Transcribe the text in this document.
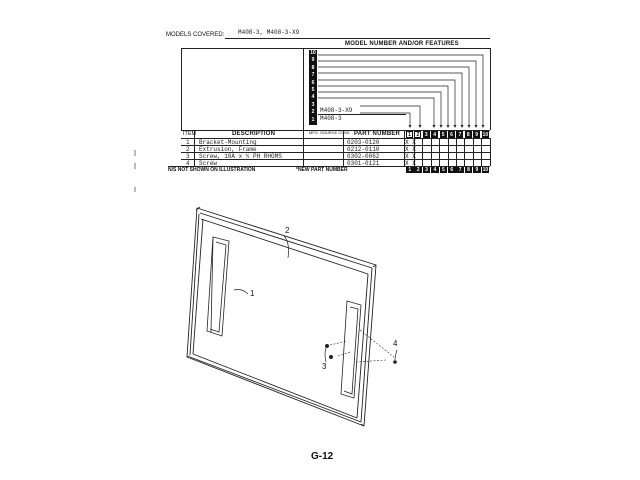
MODELS COVERED: M408-3, M408-3-X9
MODEL NUMBER AND/OR FEATURES
10
9
8
7
6
5
4
3
2
1
M408-3-X9
M408-3
ITEM	DESCRIPTION	MFG. SOURCE CODE PART NUMBER	1	2	3	4	5	6	7	8	9 10
1 Bracket-Mounting	0203-0120	X X
2 Extrusion, Frame	0212-0110	X X
3 Screw, 10A x ½ PH RHGMS	0302-0062	X X
4 Screw	0301-0121	X X
N/S NOT SHOWN ON ILLUSTRATION	*NEW PART NUMBER	1	2	3	4	5	6	7	8	9 10
2
1
3
4
G-12
